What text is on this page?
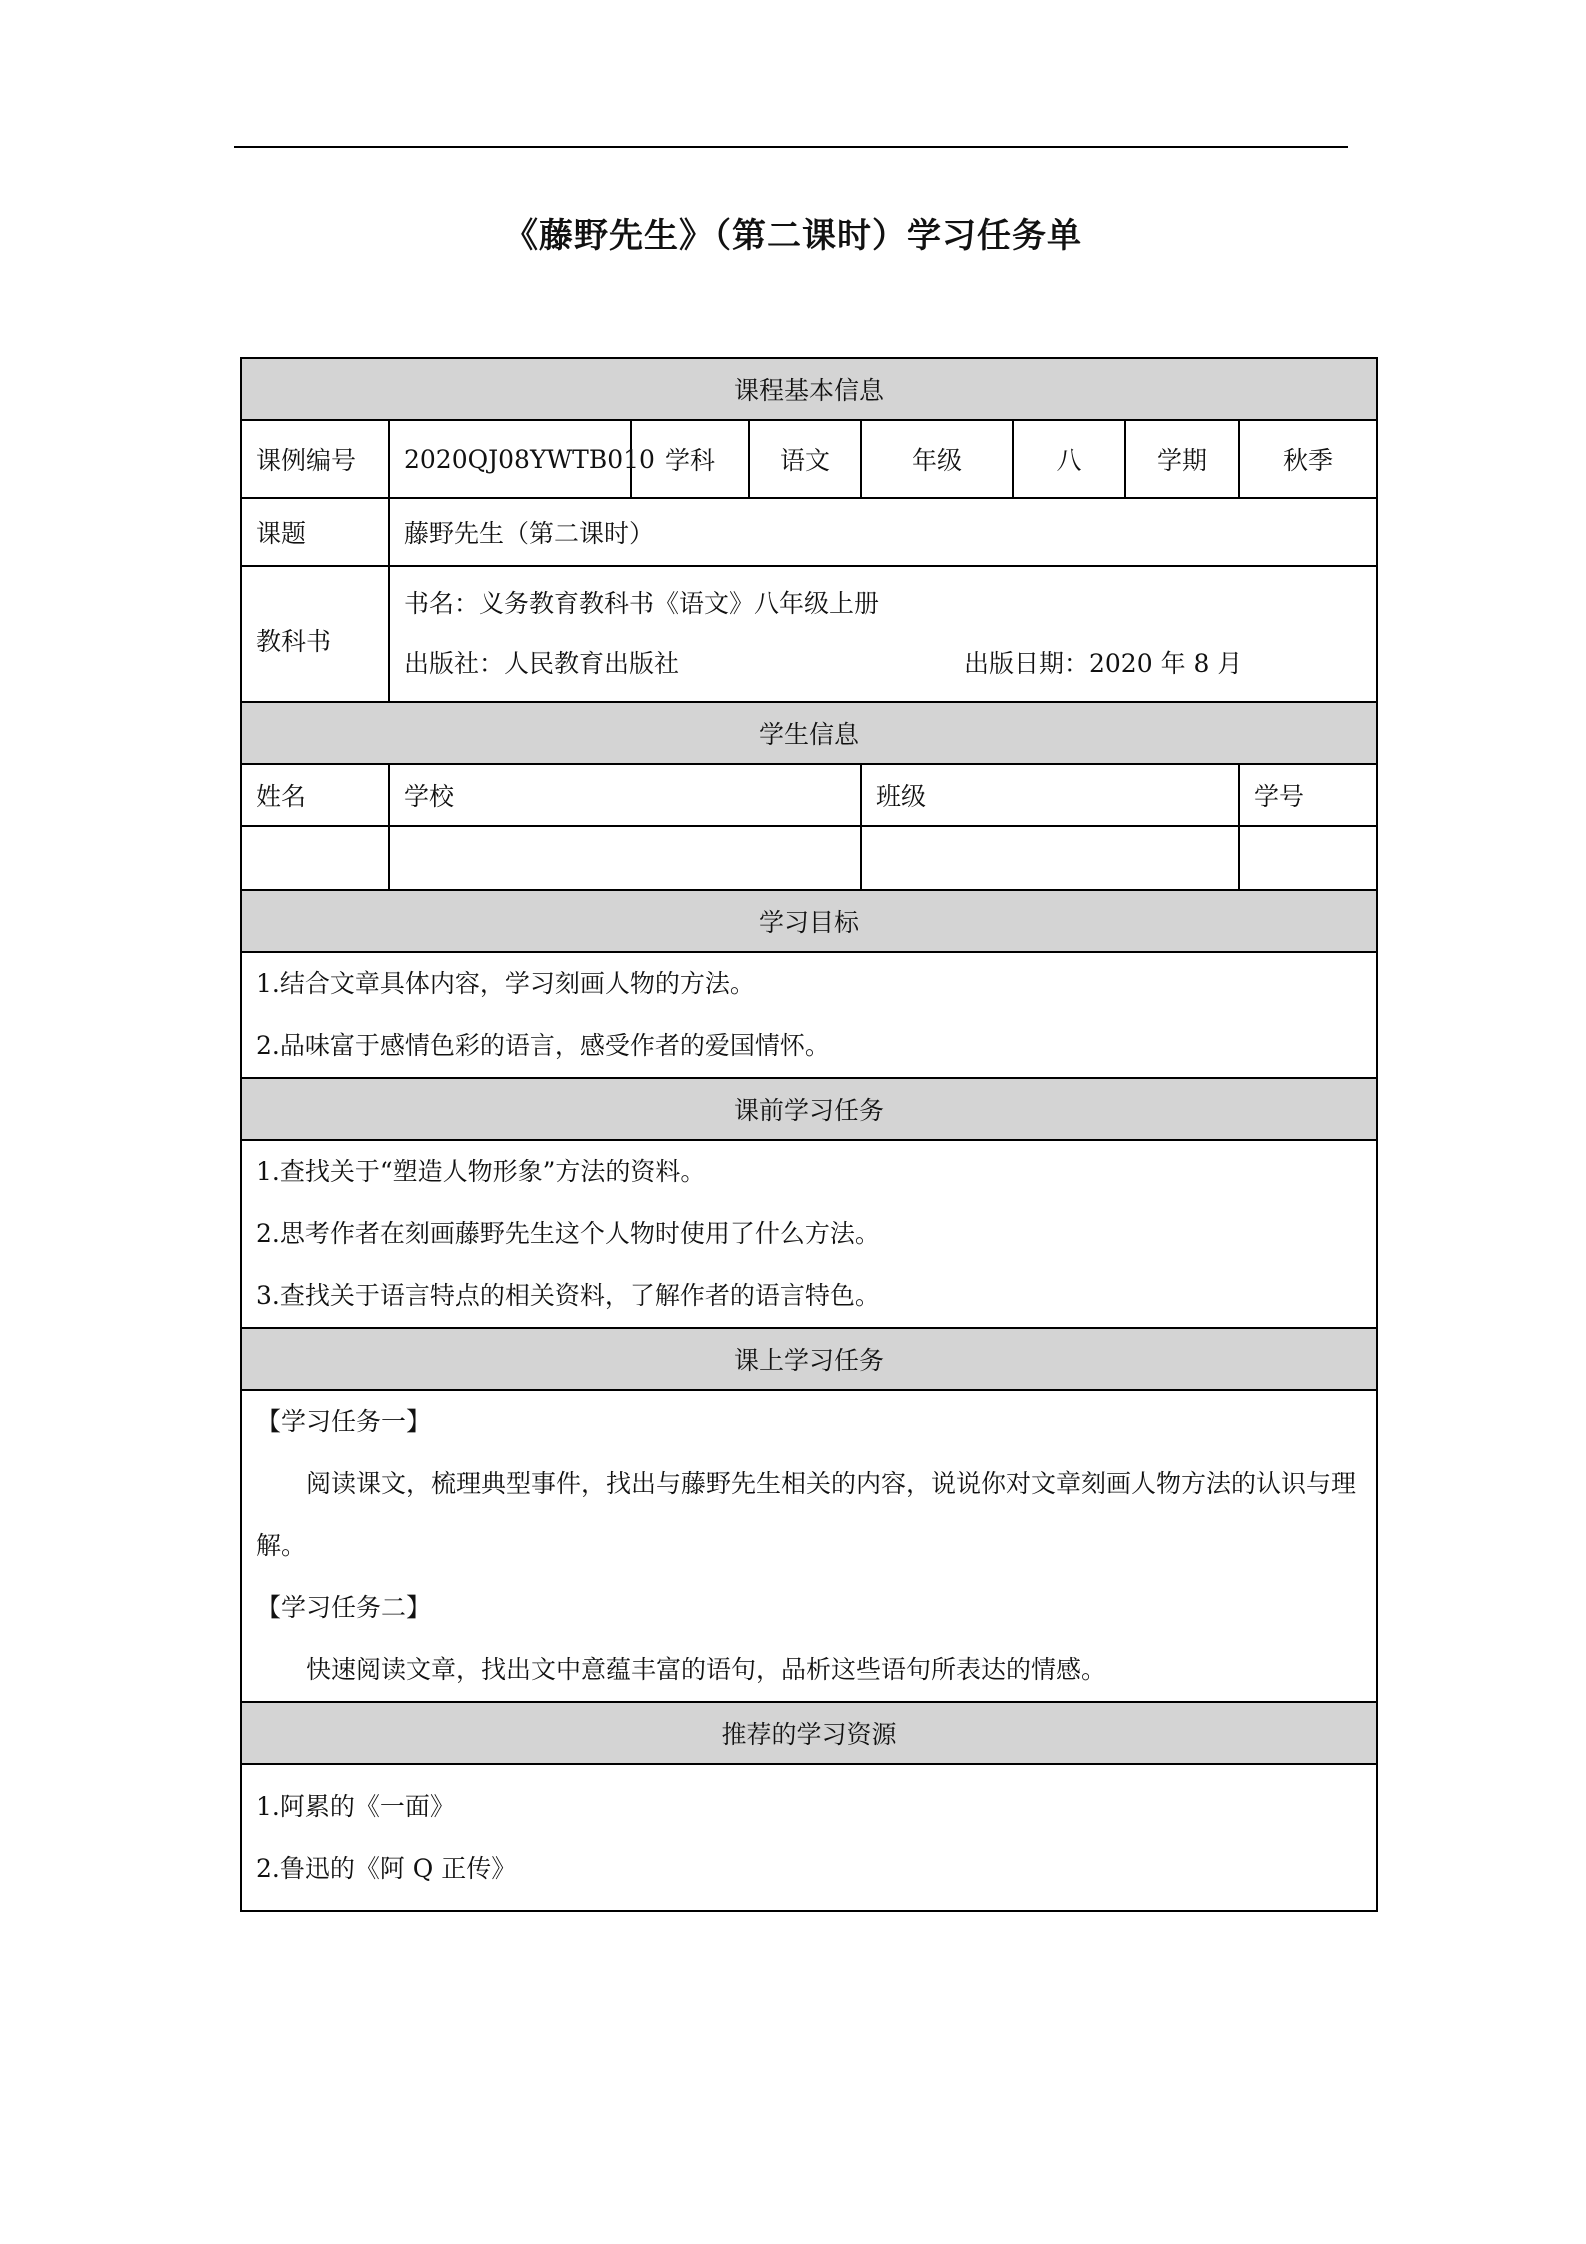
《藤野先生》（第二课时）学习任务单
课程基本信息							
课例编号	2020QJ08YWTB010	学科	语文	年级	八	学期	秋季
课题	藤野先生（第二课时）						
教科书	书名：义务教育教科书《语文》八年级上册
出版社：人民教育出版社 出版日期：2020 年 8 月						

学生信息							
姓名	学校			班级			学号

学习目标							

1.结合文章具体内容，学习刻画人物的方法。
2.品味富于感情色彩的语言，感受作者的爱国情怀。							

课前学习任务							

1.查找关于“塑造人物形象”方法的资料。
2.思考作者在刻画藤野先生这个人物时使用了什么方法。
3.查找关于语言特点的相关资料，了解作者的语言特色。							

课上学习任务							

【学习任务一】
阅读课文，梳理典型事件，找出与藤野先生相关的内容，说说你对文章刻画人物方法的认识与理解。
【学习任务二】
快速阅读文章，找出文中意蕴丰富的语句，品析这些语句所表达的情感。							

推荐的学习资源							

1.阿累的《一面》
2.鲁迅的《阿 Q 正传》							
